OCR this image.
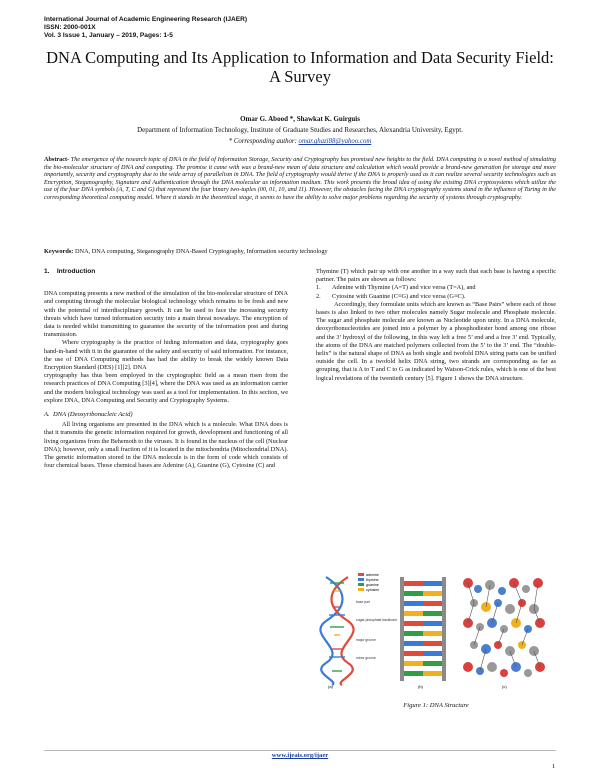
International Journal of Academic Engineering Research (IJAER)
ISSN: 2000-001X
Vol. 3 Issue 1, January – 2019, Pages: 1-5
DNA Computing and Its Application to Information and Data Security Field: A Survey
Omar G. Abood *, Shawkat K. Guirguis
Department of Information Technology, Institute of Graduate Studies and Researches, Alexandria University, Egypt.
* Corresponding author: omar.ghazi88@yahoo.com
Abstract- The emergence of the research topic of DNA in the field of Information Storage, Security and Cryptography has promised new heights to the field. DNA computing is a novel method of simulating the bio-molecular structure of DNA and computing. The promise it came with was a brand-new mean of data structure and calculation which would provide a brand-new generation for storage and more importantly, security and cryptography due to the wide array of parallelism in DNA. The field of cryptography would thrive if the DNA is properly used as it can realize several security technologies such as Encryption, Steganography, Signature and Authentication through the DNA molecular as information medium. This work presents the broad idea of using the existing DNA cryptosystems which utilize the use of the four DNA symbols (A, T, C and G) that represent the four binary two-tuples (00, 01, 10, and 11). However, the obstacles facing the DNA cryptography systems stand in the influence of Turing in the corresponding theoretical computing model. Where it stands in the theoretical stage, it seems to have the ability to solve major problems regarding the security of systems through cryptography.
Keywords: DNA, DNA computing, Steganography DNA-Based Cryptography, Information security technology
1.    Introduction

DNA computing presents a new method of the simulation of the bio-molecular structure of DNA and computing through the molecular biological technology which remains to be fresh and new with the potential of interdisciplinary growth. It can be used to face the increasing security threats which have turned information security into a main threat nowadays. The encryption of data is needed whilst transmitting to guarantee the security of the information post and during transmission.

Where cryptography is the practice of hiding information and data, cryptography goes hand-in-hand with it in the guarantee of the safety and security of said information. For instance, the use of DNA Computing methods has had the ability to break the widely known Data Encryption Standard (DES) [1][2]. DNA

cryptography has thus been employed in the cryptographic field as a mean risen from the research practices of DNA Computing [3][4], where the DNA was used as an information carrier and the modern biological technology was used as a tool for implementation. In this section, we explore DNA, DNA Computing and Security and Cryptography Systems.

A.  DNA (Deoxyribonucleic Acid)

All living organisms are presented in the DNA which is a molecule. What DNA does is that it transmits the genetic information required for growth, development and functioning of all living organisms from the Behemoth to the viruses. It is found in the nucleus of the cell (Nuclear DNA); however, only a small fraction of it is located in the mitochondria (Mitochondrial DNA). The genetic information stored in the DNA molecule is in the form of code which consists of four chemical bases. Those chemical bases are Adenine (A), Guanine (G), Cytosine (C) and

Thymine (T) which pair up with one another in a way such that each base is having a specific partner. The pairs are shown as follows:

1.	Adenine with Thymine (A=T) and vice versa (T=A), and
2.	Cytosine with Guanine (C≡G) and vice versa (G≡C).

Accordingly, they formulate units which are known as “Base Pairs” where each of those bases is also linked to two other molecules namely Sugar molecule and Phosphate molecule. The sugar and phosphate molecule are known as Nucleotide upon unity. In a DNA molecule, deoxyribonucleotides are joined into a polymer by a phosphodiester bond among one ribose and the 3’ hydroxyl of the following, in this way left a free 5’ end and a free 3’ end. Typically, the atoms of the DNA are matched polymers collected from the 5’ to the 3’ end. The “double-helix” is the natural shape of DNA as both single and twofold DNA string parts can be unified outside the cell. In a twofold helix DNA string, two strands are corresponding as far as grouping, that is A to T and C to G as indicated by Watson-Crick rules, which is one of the best logical revelations of the twentieth century [5]. Figure 1 shows the DNA structure.

adenine
thymine
guanine
cytosine
base pair
sugar-phosphate backbone
major groove
minor groove
(a)	(b)	(c)
Figure 1: DNA Structure
www.ijeais.org/ijaer
1
